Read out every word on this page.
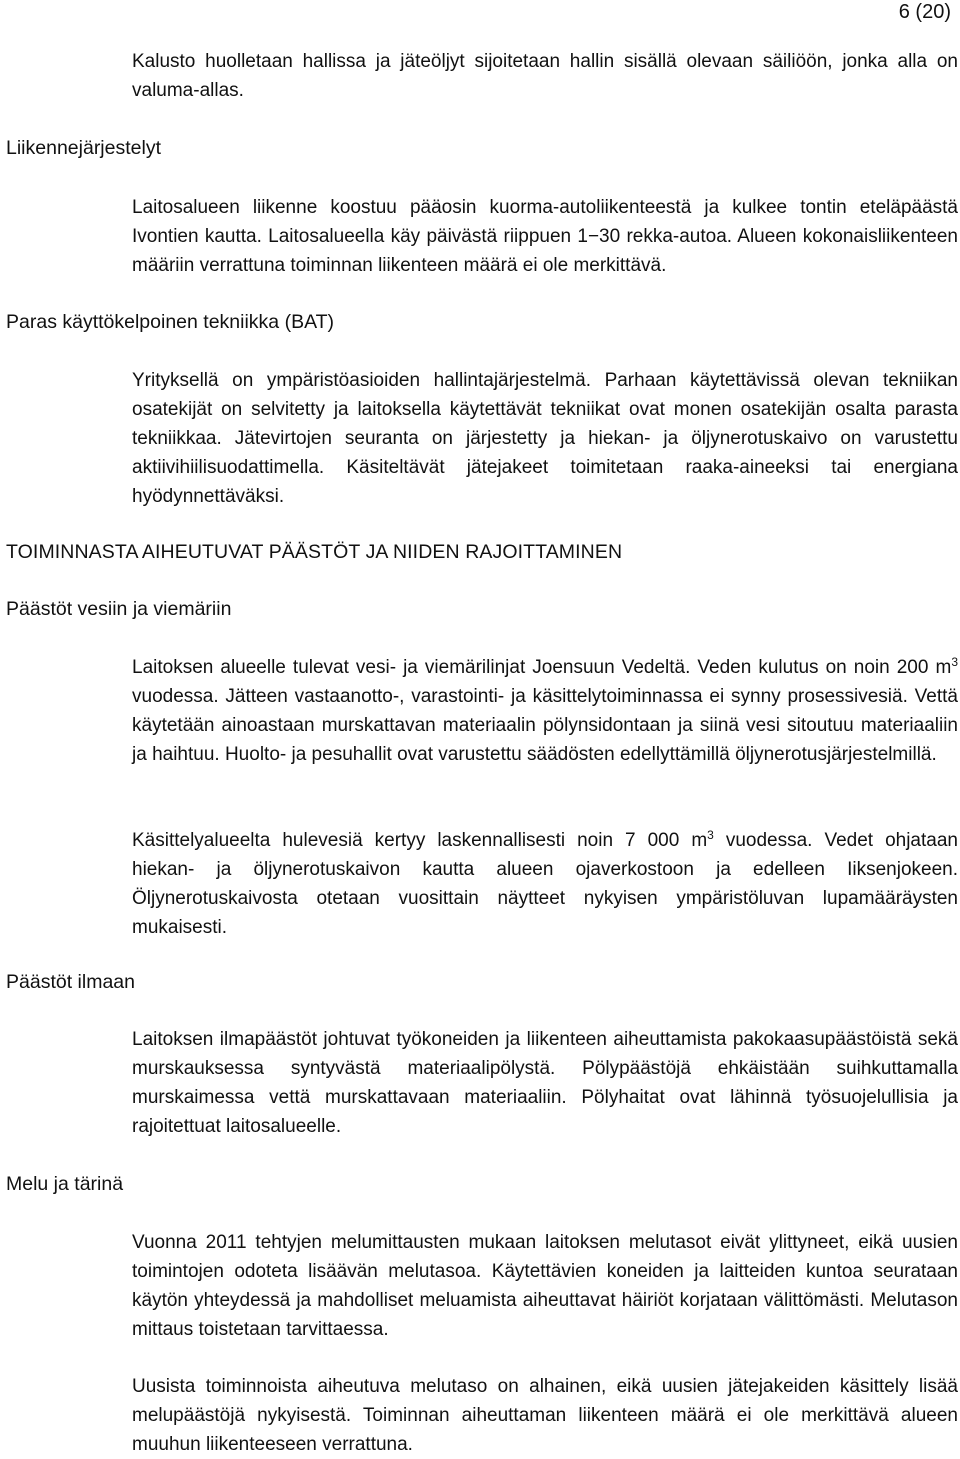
6 (20)

Kalusto huolletaan hallissa ja jäteöljyt sijoitetaan hallin sisällä olevaan säiliöön, jonka alla on valuma-allas.

Liikennejärjestelyt

Laitosalueen liikenne koostuu pääosin kuorma-autoliikenteestä ja kulkee tontin eteläpäästä Ivontien kautta. Laitosalueella käy päivästä riippuen 1−30 rekka-autoa. Alueen kokonaisliikenteen määriin verrattuna toiminnan liikenteen määrä ei ole merkittävä.

Paras käyttökelpoinen tekniikka (BAT)

Yrityksellä on ympäristöasioiden hallintajärjestelmä. Parhaan käytettävissä olevan tekniikan osatekijät on selvitetty ja laitoksella käytettävät tekniikat ovat monen osatekijän osalta parasta tekniikkaa. Jätevirtojen seuranta on järjestetty ja hiekan- ja öljynerotuskaivo on varustettu aktiivihiilisuodattimella. Käsiteltävät jätejakeet toimitetaan raaka-aineeksi tai energiana hyödynnettäväksi.

TOIMINNASTA AIHEUTUVAT PÄÄSTÖT JA NIIDEN RAJOITTAMINEN
Päästöt vesiin ja viemäriin

Laitoksen alueelle tulevat vesi- ja viemärilinjat Joensuun Vedeltä. Veden kulutus on noin 200 $m^3$ vuodessa. Jätteen vastaanotto-, varastointi- ja käsittelytoiminnassa ei synny prosessivesiä. Vettä käytetään ainoastaan murskattavan materiaalin pölynsidontaan ja siinä vesi sitoutuu materiaaliin ja haihtuu. Huolto- ja pesuhallit ovat varustettu säädösten edellyttämillä öljynerotusjärjestelmillä.

Käsittelyalueelta hulevesiä kertyy laskennallisesti noin 7 000 $m^3$ vuodessa. Vedet ohjataan hiekan- ja öljynerotuskaivon kautta alueen ojaverkostoon ja edelleen Iiksenjokeen. Öljynerotuskaivosta otetaan vuosittain näytteet nykyisen ympäristöluvan lupamääräysten mukaisesti.

Päästöt ilmaan

Laitoksen ilmapäästöt johtuvat työkoneiden ja liikenteen aiheuttamista pakokaasupäästöistä sekä murskauksessa syntyvästä materiaalipölystä. Pölypäästöjä ehkäistään suihkuttamalla murskaimessa vettä murskattavaan materiaaliin. Pölyhaitat ovat lähinnä työsuojelullisia ja rajoitettuat laitosalueelle.

Melu ja tärinä

Vuonna 2011 tehtyjen melumittausten mukaan laitoksen melutasot eivät ylittyneet, eikä uusien toimintojen odoteta lisäävän melutasoa. Käytettävien koneiden ja laitteiden kuntoa seurataan käytön yhteydessä ja mahdolliset meluamista aiheuttavat häiriöt korjataan välittömästi. Melutason mittaus toistetaan tarvittaessa.

Uusista toiminnoista aiheutuva melutaso on alhainen, eikä uusien jätejakeiden käsittely lisää melupäästöjä nykyisestä. Toiminnan aiheuttaman liikenteen määrä ei ole merkittävä alueen muuhun liikenteeseen verrattuna.
